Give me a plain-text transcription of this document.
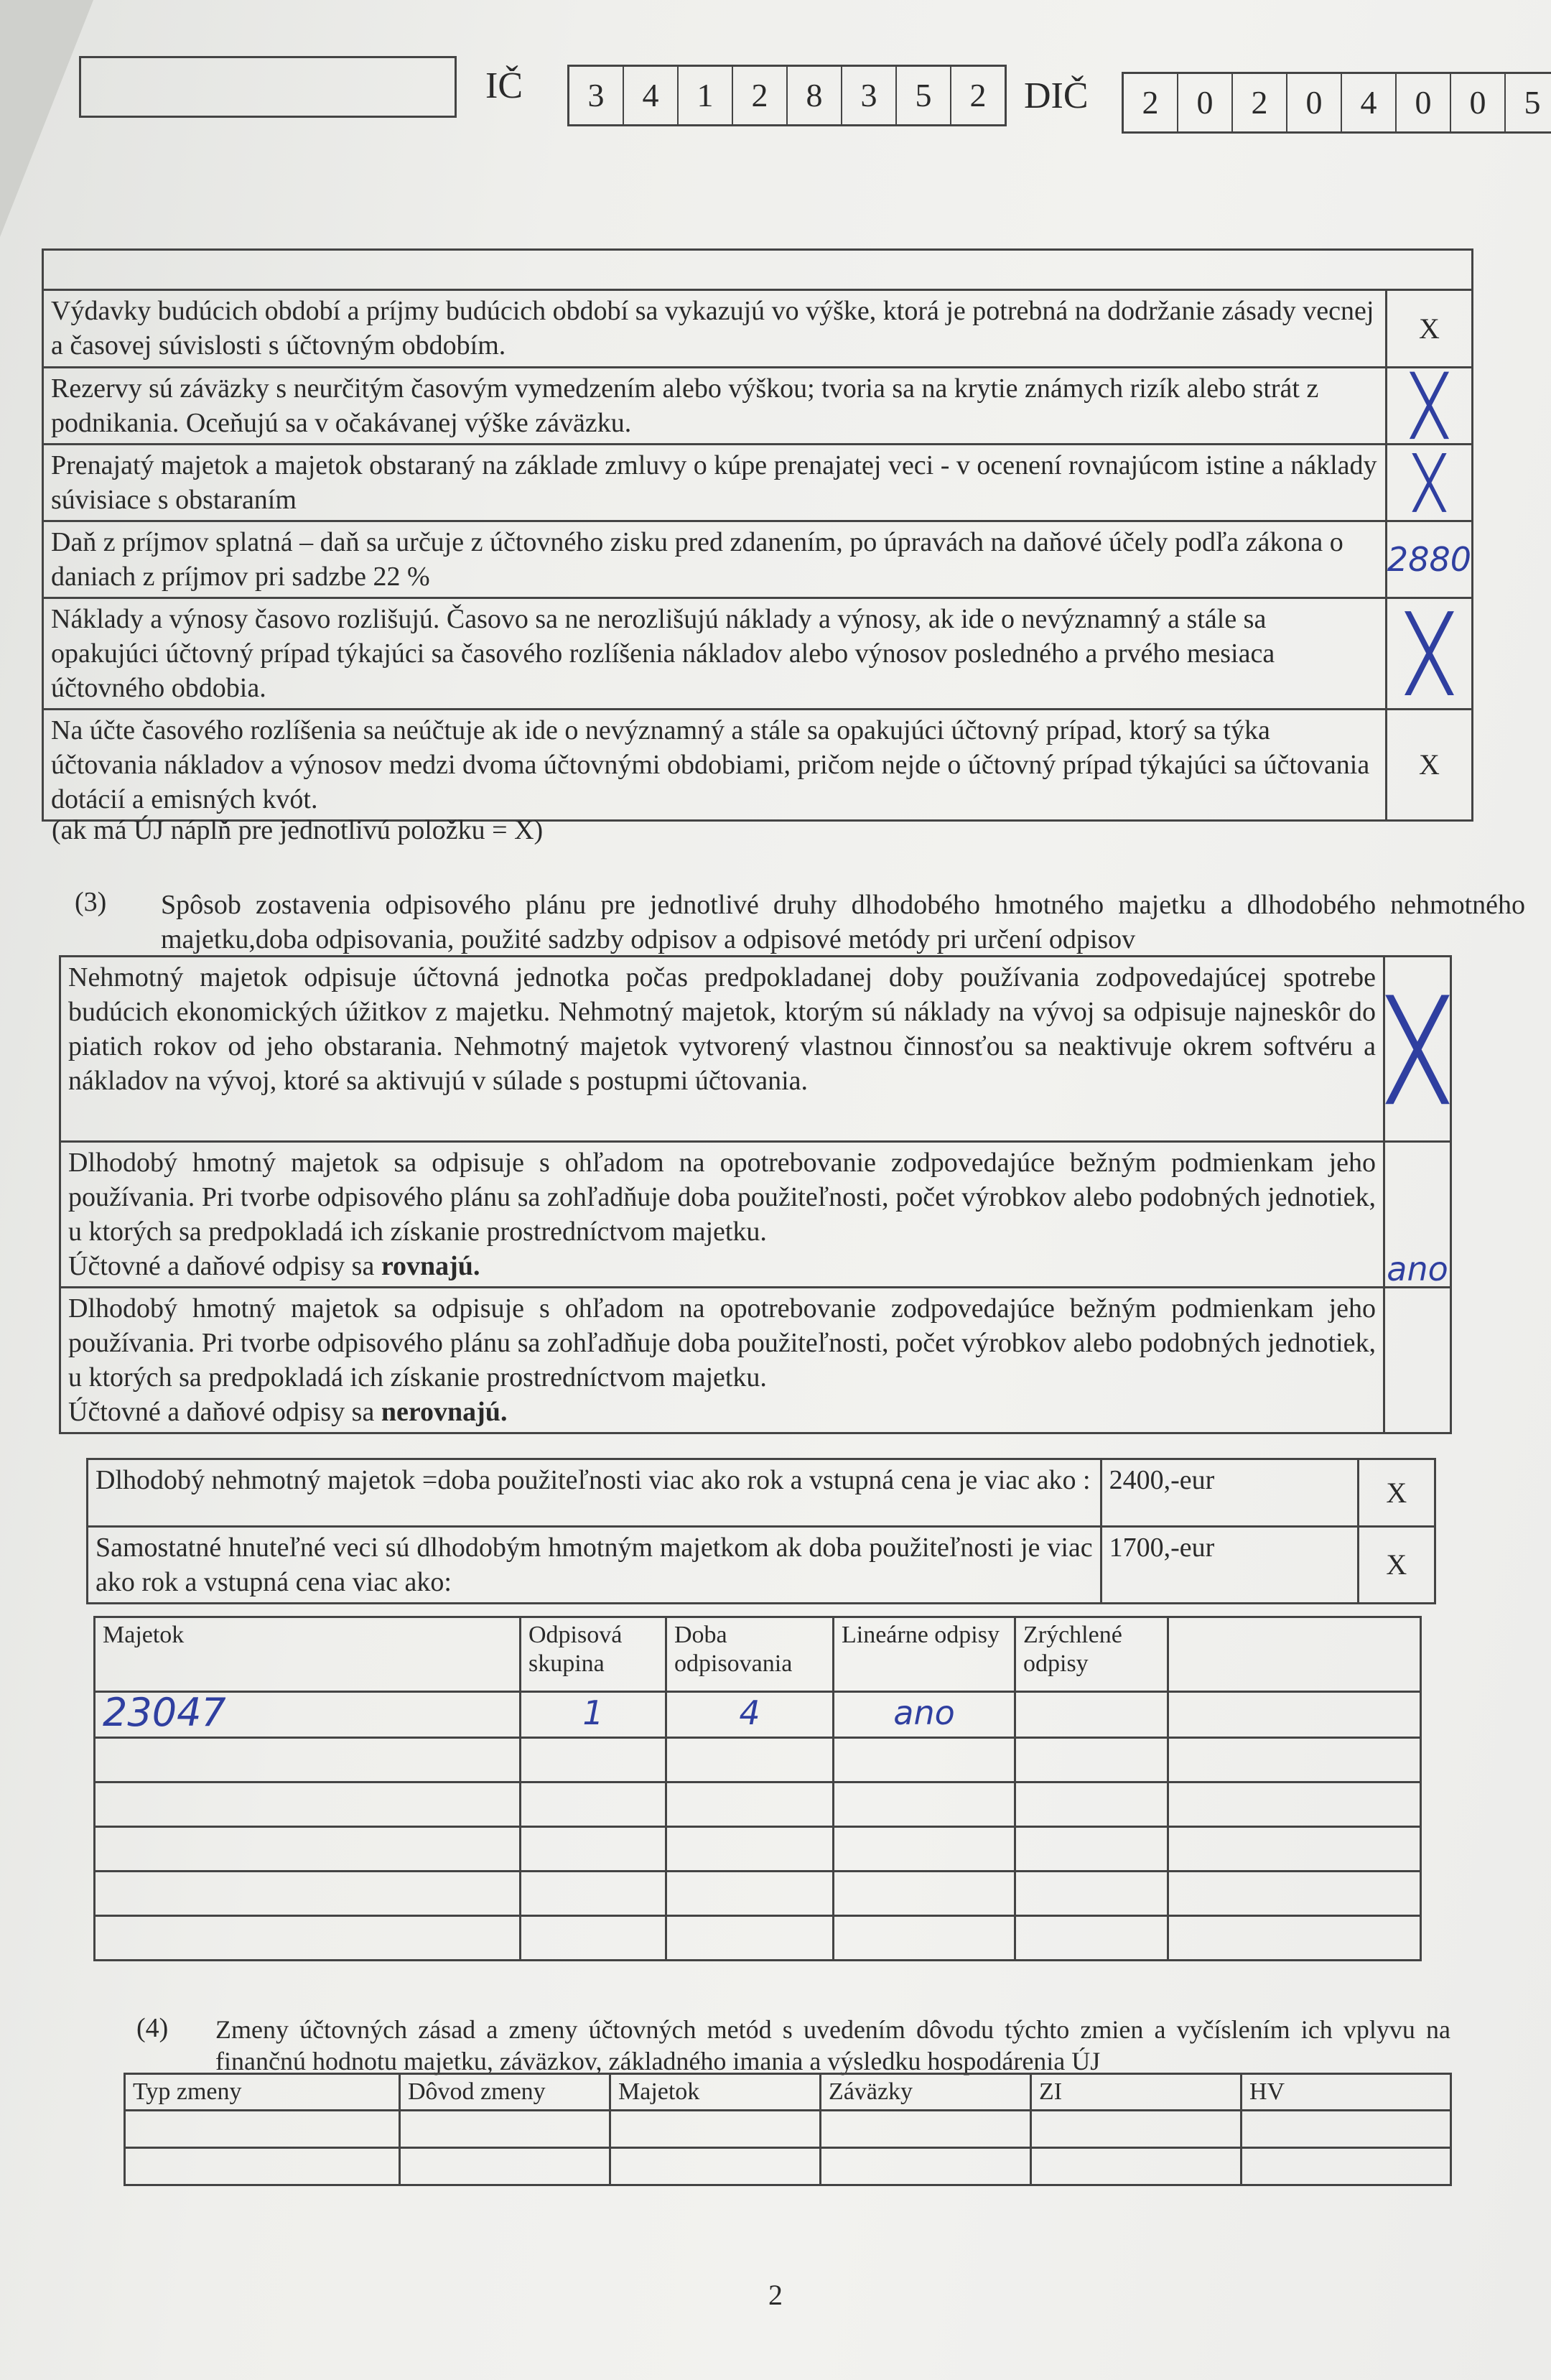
IČ	3	4	1	2	8	3	5	2	DIČ	2	0	2	0	4	0	0	5

Výdavky budúcich období a príjmy budúcich období sa vykazujú vo výške, ktorá je potrebná na dodržanie zásady vecnej a časovej súvislosti s účtovným obdobím.	X
Rezervy sú záväzky s neurčitým časovým vymedzením alebo výškou; tvoria sa na krytie známych rizík alebo strát z podnikania. Oceňujú sa v očakávanej výške záväzku.	╳
Prenajatý majetok a majetok obstaraný na základe zmluvy o kúpe prenajatej veci - v ocenení rovnajúcom istine a náklady súvisiace s obstaraním	╳
Daň z príjmov splatná – daň sa určuje z účtovného zisku pred zdanením, po úpravách na daňové účely podľa zákona o daniach z príjmov pri sadzbe 22 %	2880
Náklady a výnosy časovo rozlišujú. Časovo sa ne nerozlišujú náklady a výnosy, ak ide o nevýznamný a stále sa opakujúci účtovný prípad týkajúci sa časového rozlíšenia nákladov alebo výnosov posledného a prvého mesiaca účtovného obdobia.	╳
Na účte časového rozlíšenia sa neúčtuje ak ide o nevýznamný a stále sa opakujúci účtovný prípad, ktorý sa týka účtovania nákladov a výnosov medzi dvoma účtovnými obdobiami, pričom nejde o účtovný prípad týkajúci sa účtovania dotácií a emisných kvót.	X
(ak má ÚJ náplň pre jednotlivú položku = X)
(3) Spôsob zostavenia odpisového plánu pre jednotlivé druhy dlhodobého hmotného majetku a dlhodobého nehmotného majetku,doba odpisovania, použité sadzby odpisov a odpisové metódy pri určení odpisov
Nehmotný majetok odpisuje účtovná jednotka počas predpokladanej doby používania zodpovedajúcej spotrebe budúcich ekonomických úžitkov z majetku. Nehmotný majetok, ktorým sú náklady na vývoj sa odpisuje najneskôr do piatich rokov od jeho obstarania. Nehmotný majetok vytvorený vlastnou činnosťou sa neaktivuje okrem softvéru a nákladov na vývoj, ktoré sa aktivujú v súlade s postupmi účtovania.	╳
Dlhodobý hmotný majetok sa odpisuje s ohľadom na opotrebovanie zodpovedajúce bežným podmienkam jeho používania. Pri tvorbe odpisového plánu sa zohľadňuje doba použiteľnosti, počet výrobkov alebo podobných jednotiek, u ktorých sa predpokladá ich získanie prostredníctvom majetku.
Účtovné a daňové odpisy sa rovnajú.	ano
Dlhodobý hmotný majetok sa odpisuje s ohľadom na opotrebovanie zodpovedajúce bežným podmienkam jeho používania. Pri tvorbe odpisového plánu sa zohľadňuje doba použiteľnosti, počet výrobkov alebo podobných jednotiek, u ktorých sa predpokladá ich získanie prostredníctvom majetku.
Účtovné a daňové odpisy sa nerovnajú.	
Dlhodobý nehmotný majetok =doba použiteľnosti viac ako rok a vstupná cena je viac ako :	2400,-eur	X
Samostatné hnuteľné veci sú dlhodobým hmotným majetkom ak doba použiteľnosti je viac ako rok a vstupná cena viac ako:	1700,-eur	X
Majetok	Odpisová skupina	Doba odpisovania	Lineárne odpisy	Zrýchlené odpisy	
23047	1	4	ano		

(4) Zmeny účtovných zásad a zmeny účtovných metód s uvedením dôvodu týchto zmien a vyčíslením ich vplyvu na finančnú hodnotu majetku, záväzkov, základného imania a výsledku hospodárenia ÚJ
Typ zmeny	Dôvod zmeny	Majetok	Záväzky	ZI	HV

2
